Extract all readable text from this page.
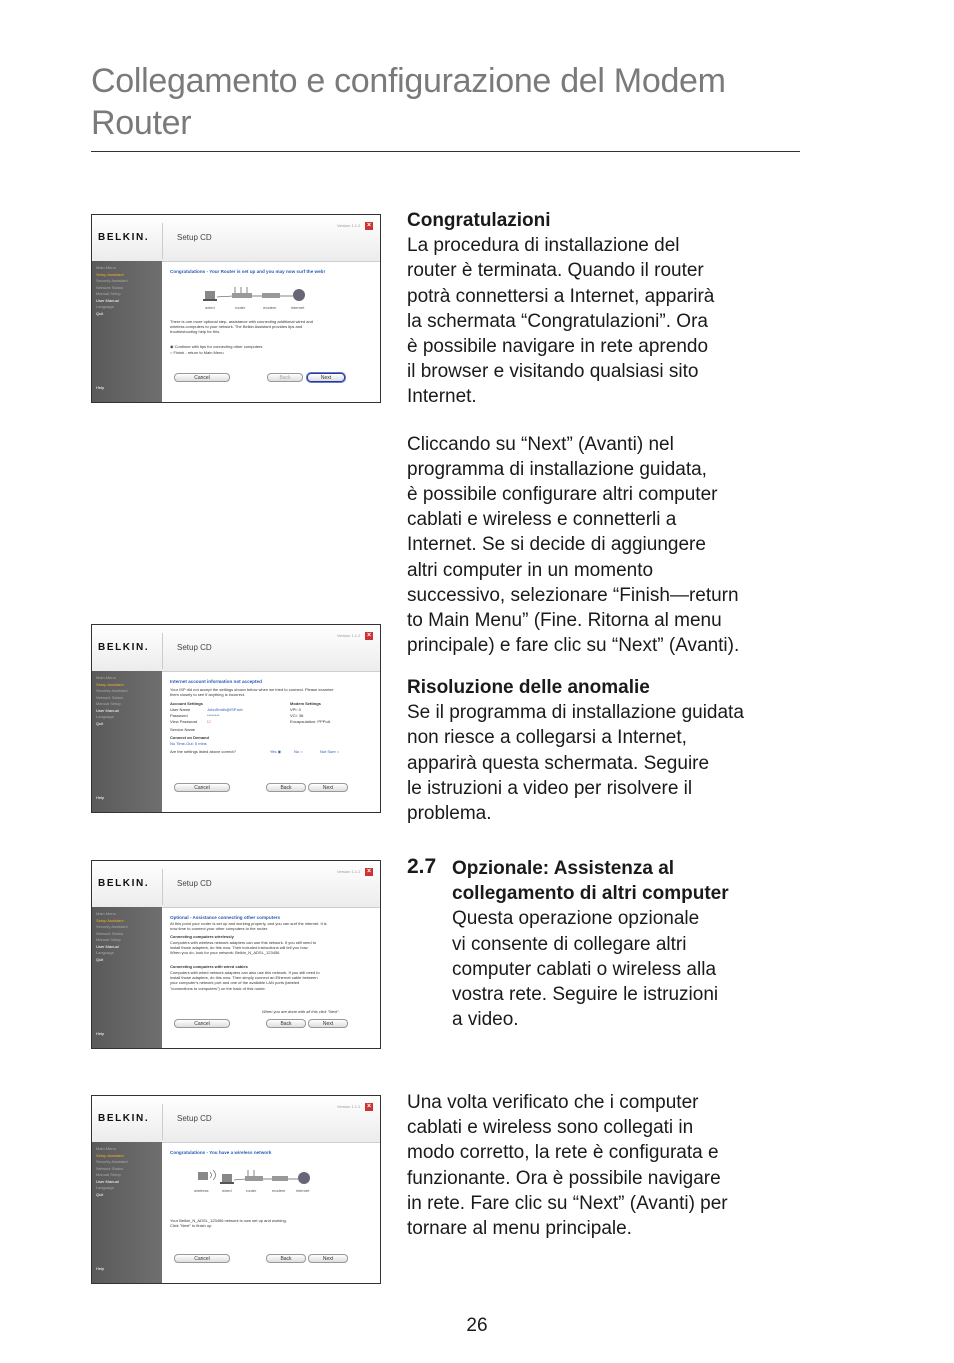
Collegamento e configurazione del Modem
Router
BELKIN.	Setup CD
Version 1.1.2 ×
Main Menu
Setup Assistant
Security Assistant
Network Status
Manual Setup
User Manual
Language
Quit
Help
Congratulations - Your Router is set up and you may now surf the web!
wired	router	modem	internet
There is one more optional step- assistance with connecting additional wired and
wireless computers to your network. The Belkin Assistant provides tips and
troubleshooting help for this.
◉ Continue with tips for connecting other computers
○ Finish - return to Main Menu
Cancel	Back	Next
BELKIN.	Setup CD
Version 1.1.2 ×
Main Menu
Setup Assistant
Security Assistant
Network Status
Manual Setup
User Manual
Language
Quit
Help
Internet account information not accepted
Your ISP did not accept the settings shown below when we tried to connect. Please examine
them closely to see if anything is incorrect.
Account Settings
User Name	JohnSmith@ISP.net
Password	********
View Password ☐
Modem Settings
VPI: 0
VCI: 38
Encapsulation: PPPoA
Service Name
Connect on Demand
No Time-Out: 5 mins
Are the settings listed above correct?	Yes ◉	No ○	Not Sure ○
Cancel	Back	Next
BELKIN.	Setup CD
Version 1.1.2 ×
Main Menu
Setup Assistant
Security Assistant
Network Status
Manual Setup
User Manual
Language
Quit
Help
Optional - Assistance connecting other computers
At this point your router is set up and working properly, and you can surf the internet. It is
now time to connect your other computers to the router.
Connecting computers wirelessly
Computers with wireless network adapters can use this network. If you still need to
install those adapters, do this now. Their included instructions will tell you how.
When you do, look for your network: Belkin_N_ADSL_123456
Connecting computers with wired cables
Computers with wired network adapters can also use this network. If you still need to
install those adapters, do this now. Then simply connect an Ethernet cable between
your computer's network port and one of the available LAN ports (labeled
"connections to computers") on the back of this router.
When you are done with all this click "Next".
Cancel	Back	Next
BELKIN.	Setup CD
Version 1.1.2 ×
Main Menu
Setup Assistant
Security Assistant
Network Status
Manual Setup
User Manual
Language
Quit
Help
Congratulations - You have a wireless network
wireless	wired	router	modem	internet
Your Belkin_N_ADSL_123456 network is now set up and working.
Click "Next" to finish up.
Cancel	Back	Next

Congratulazioni

La procedura di installazione del
router è terminata. Quando il router
potrà connettersi a Internet, apparirà
la schermata “Congratulazioni”. Ora
è possibile navigare in rete aprendo
il browser e visitando qualsiasi sito
Internet.

Cliccando su “Next” (Avanti) nel
programma di installazione guidata,
è possibile configurare altri computer
cablati e wireless e connetterli a
Internet. Se si decide di aggiungere
altri computer in un momento
successivo, selezionare “Finish—return
to Main Menu” (Fine. Ritorna al menu
principale) e fare clic su “Next” (Avanti).

Risoluzione delle anomalie

Se il programma di installazione guidata
non riesce a collegarsi a Internet,
apparirà questa schermata. Seguire
le istruzioni a video per risolvere il
problema.

2.7 Opzionale: Assistenza al
collegamento di altri computer

Questa operazione opzionale
vi consente di collegare altri
computer cablati o wireless alla
vostra rete. Seguire le istruzioni
a video.

Una volta verificato che i computer
cablati e wireless sono collegati in
modo corretto, la rete è configurata e
funzionante. Ora è possibile navigare
in rete. Fare clic su “Next” (Avanti) per
tornare al menu principale.

26
